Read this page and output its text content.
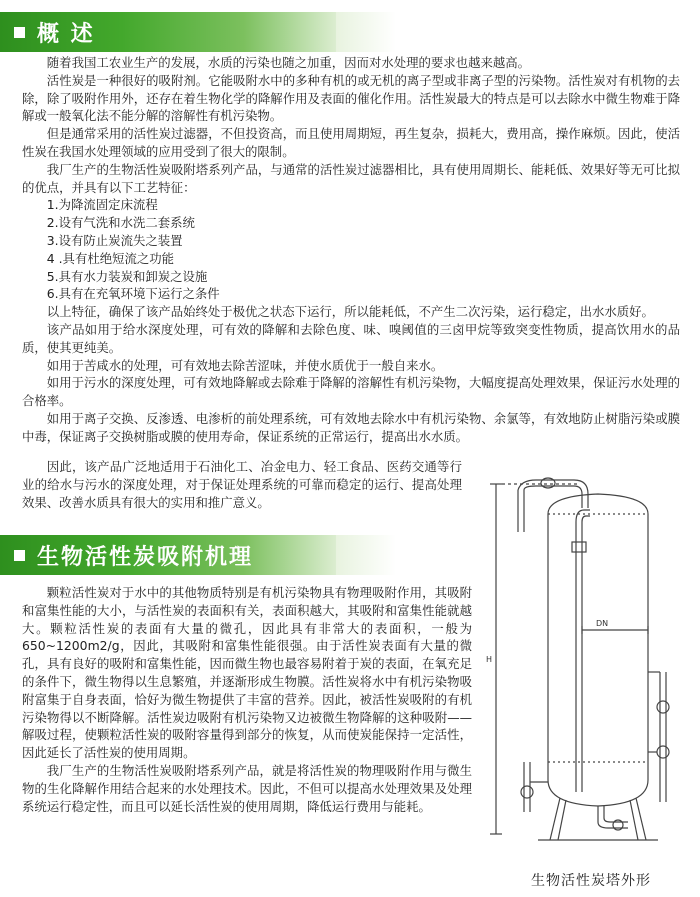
概 述

随着我国工农业生产的发展，水质的污染也随之加重，因而对水处理的要求也越来越高。

活性炭是一种很好的吸附剂。它能吸附水中的多种有机的或无机的离子型或非离子型的污染物。活性炭对有机物的去除，除了吸附作用外，还存在着生物化学的降解作用及表面的催化作用。活性炭最大的特点是可以去除水中微生物难于降解或一般氧化法不能分解的溶解性有机污染物。

但是通常采用的活性炭过滤器，不但投资高，而且使用周期短，再生复杂，损耗大，费用高，操作麻烦。因此，使活性炭在我国水处理领域的应用受到了很大的限制。

我厂生产的生物活性炭吸附塔系列产品，与通常的活性炭过滤器相比，具有使用周期长、能耗低、效果好等无可比拟的优点，并具有以下工艺特征：

1.为降流固定床流程

2.设有气洗和水洗二套系统

3.设有防止炭流失之装置

4 .具有杜绝短流之功能

5.具有水力装炭和卸炭之设施

6.具有在充氧环境下运行之条件

以上特征，确保了该产品始终处于极优之状态下运行，所以能耗低，不产生二次污染，运行稳定，出水水质好。

该产品如用于给水深度处理，可有效的降解和去除色度、味、嗅阈值的三卤甲烷等致突变性物质，提高饮用水的品质，使其更纯美。

如用于苦咸水的处理，可有效地去除苦涩味，并使水质优于一般自来水。

如用于污水的深度处理，可有效地降解或去除难于降解的溶解性有机污染物，大幅度提高处理效果，保证污水处理的合格率。

如用于离子交换、反渗透、电渗析的前处理系统，可有效地去除水中有机污染物、余氯等，有效地防止树脂污染或膜中毒，保证离子交换树脂或膜的使用寿命，保证系统的正常运行，提高出水水质。

因此，该产品广泛地适用于石油化工、冶金电力、轻工食品、医药交通等行业的给水与污水的深度处理，对于保证处理系统的可靠而稳定的运行、提高处理效果、改善水质具有很大的实用和推广意义。

生物活性炭吸附机理

颗粒活性炭对于水中的其他物质特别是有机污染物具有物理吸附作用，其吸附和富集性能的大小，与活性炭的表面积有关，表面积越大，其吸附和富集性能就越大。颗粒活性炭的表面有大量的微孔，因此具有非常大的表面积，一般为650~1200m2/g，因此，其吸附和富集性能很强。由于活性炭表面有大量的微孔，具有良好的吸附和富集性能，因而微生物也最容易附着于炭的表面，在氧充足的条件下，微生物得以生息繁殖，并逐渐形成生物膜。活性炭将水中有机污染物吸附富集于自身表面，恰好为微生物提供了丰富的营养。因此，被活性炭吸附的有机污染物得以不断降解。活性炭边吸附有机污染物又边被微生物降解的这种吸附——解吸过程，使颗粒活性炭的吸附容量得到部分的恢复，从而使炭能保持一定活性，因此延长了活性炭的使用周期。

我厂生产的生物活性炭吸附塔系列产品，就是将活性炭的物理吸附作用与微生物的生化降解作用结合起来的水处理技术。因此，不但可以提高水处理效果及处理系统运行稳定性，而且可以延长活性炭的使用周期，降低运行费用与能耗。

DN
H
生物活性炭塔外形
